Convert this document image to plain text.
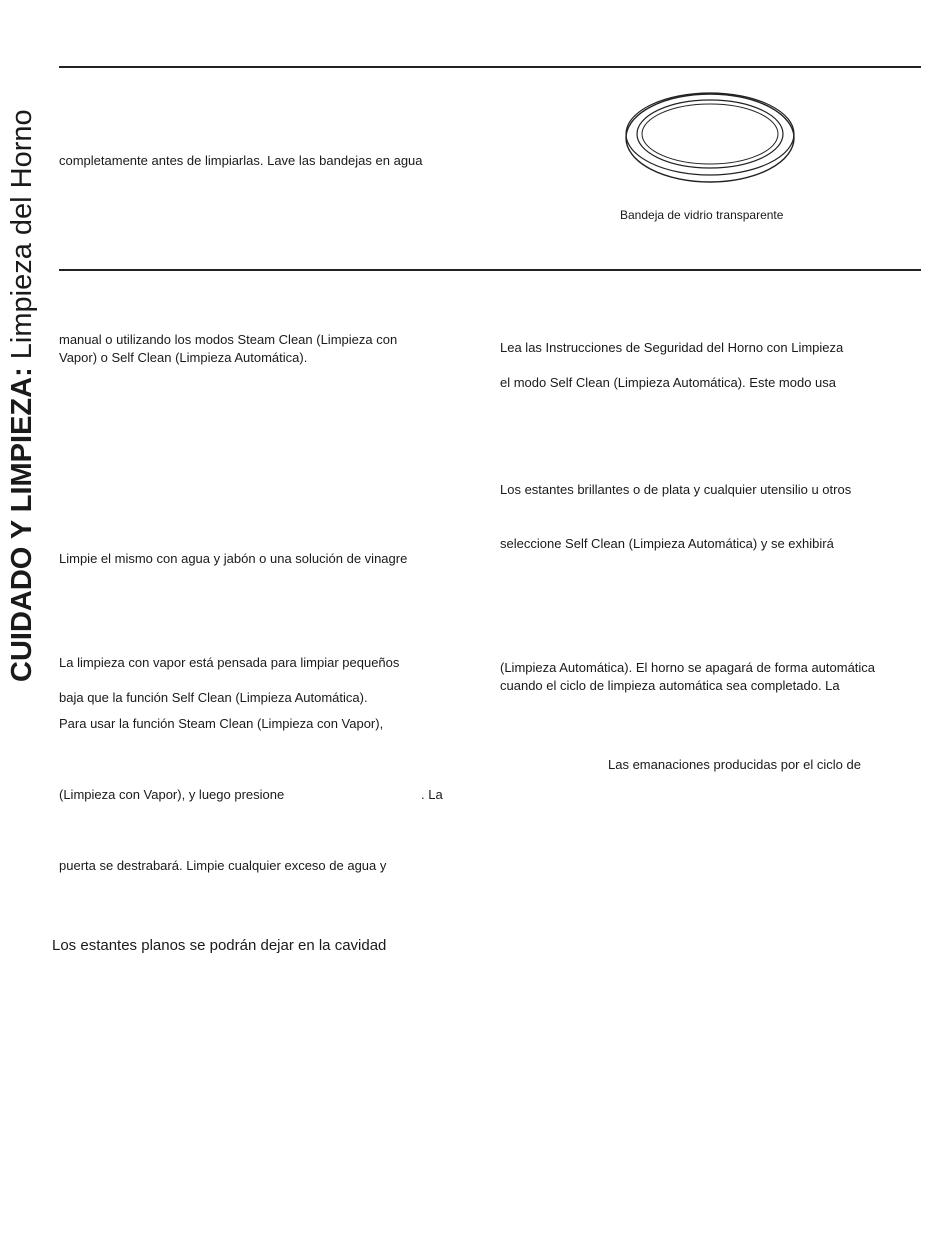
CUIDADO Y LIMPIEZA: Limpieza del Horno	completamente antes de limpiarlas. Lave las bandejas en agua
Bandeja de vidrio transparente
manual o utilizando los modos Steam Clean (Limpieza con
Vapor) o Self Clean (Limpieza Automática).
Limpie el mismo con agua y jabón o una solución de vinagre
La limpieza con vapor está pensada para limpiar pequeños
baja que la función Self Clean (Limpieza Automática).
Para usar la función Steam Clean (Limpieza con Vapor),
(Limpieza con Vapor), y luego presione	. La
puerta se destrabará. Limpie cualquier exceso de agua y
Los estantes planos se podrán dejar en la cavidad
Lea las Instrucciones de Seguridad del Horno con Limpieza
el modo Self Clean (Limpieza Automática). Este modo usa
Los estantes brillantes o de plata y cualquier utensilio u otros
seleccione Self Clean (Limpieza Automática) y se exhibirá
(Limpieza Automática). El horno se apagará de forma automática
cuando el ciclo de limpieza automática sea completado. La
Las emanaciones producidas por el ciclo de
